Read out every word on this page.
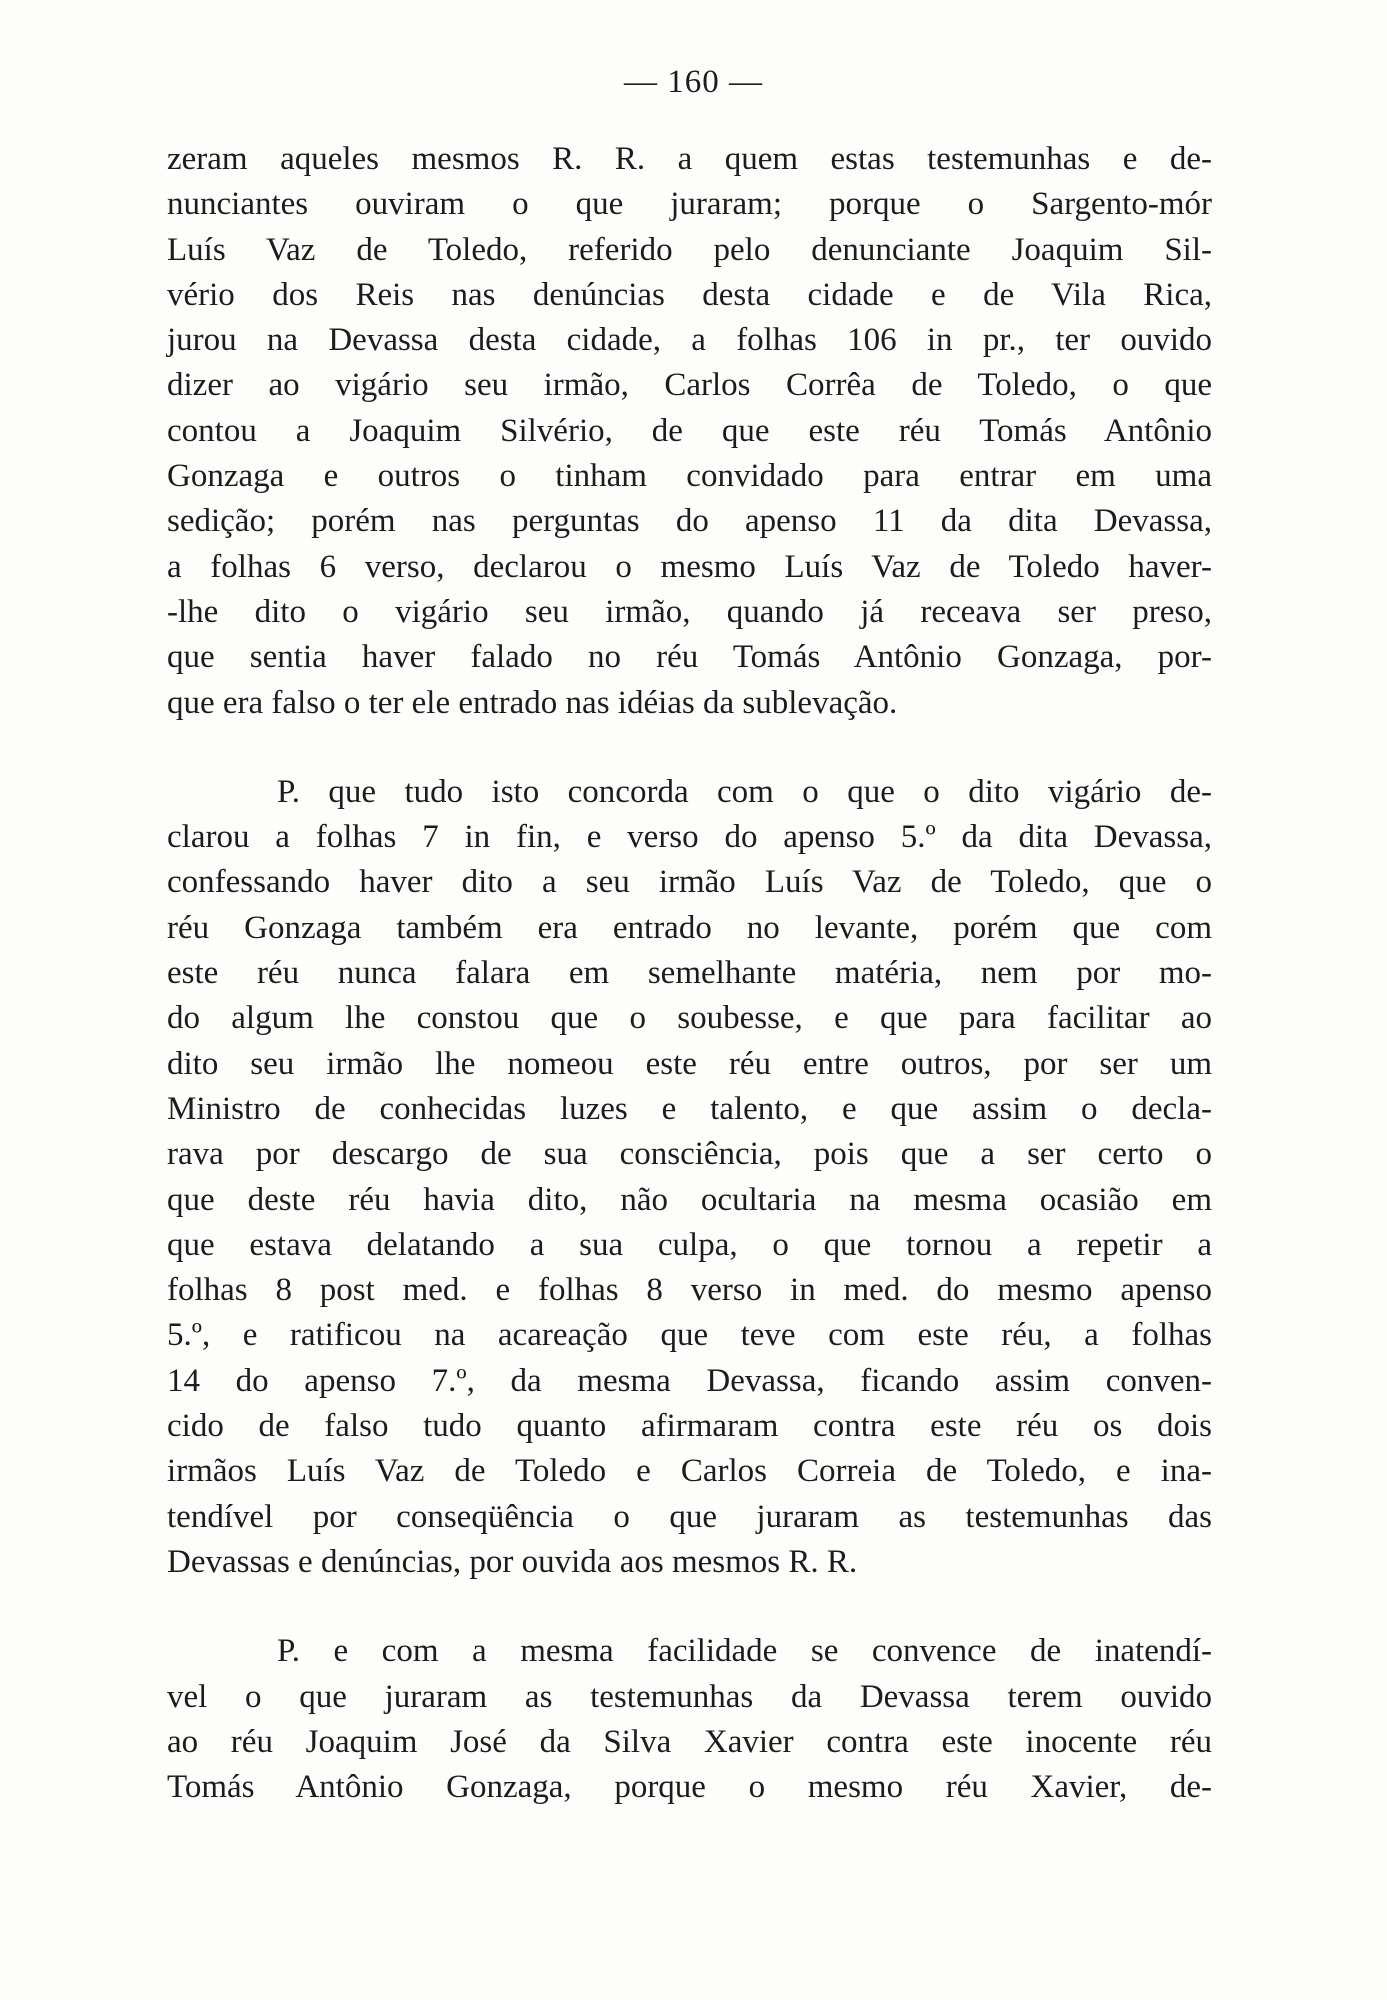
— 160 —
zeram aqueles mesmos R. R. a quem estas testemunhas e de-
nunciantes ouviram o que juraram; porque o Sargento-mór
Luís Vaz de Toledo, referido pelo denunciante Joaquim Sil-
vério dos Reis nas denúncias desta cidade e de Vila Rica,
jurou na Devassa desta cidade, a folhas 106 in pr., ter ouvido
dizer ao vigário seu irmão, Carlos Corrêa de Toledo, o que
contou a Joaquim Silvério, de que este réu Tomás Antônio
Gonzaga e outros o tinham convidado para entrar em uma
sedição; porém nas perguntas do apenso 11 da dita Devassa,
a folhas 6 verso, declarou o mesmo Luís Vaz de Toledo haver-
-lhe dito o vigário seu irmão, quando já receava ser preso,
que sentia haver falado no réu Tomás Antônio Gonzaga, por-
que era falso o ter ele entrado nas idéias da sublevação.
P. que tudo isto concorda com o que o dito vigário de-
clarou a folhas 7 in fin, e verso do apenso 5.º da dita Devassa,
confessando haver dito a seu irmão Luís Vaz de Toledo, que o
réu Gonzaga também era entrado no levante, porém que com
este réu nunca falara em semelhante matéria, nem por mo-
do algum lhe constou que o soubesse, e que para facilitar ao
dito seu irmão lhe nomeou este réu entre outros, por ser um
Ministro de conhecidas luzes e talento, e que assim o decla-
rava por descargo de sua consciência, pois que a ser certo o
que deste réu havia dito, não ocultaria na mesma ocasião em
que estava delatando a sua culpa, o que tornou a repetir a
folhas 8 post med. e folhas 8 verso in med. do mesmo apenso
5.º, e ratificou na acareação que teve com este réu, a folhas
14 do apenso 7.º, da mesma Devassa, ficando assim conven-
cido de falso tudo quanto afirmaram contra este réu os dois
irmãos Luís Vaz de Toledo e Carlos Correia de Toledo, e ina-
tendível por conseqüência o que juraram as testemunhas das
Devassas e denúncias, por ouvida aos mesmos R. R.
P. e com a mesma facilidade se convence de inatendí-
vel o que juraram as testemunhas da Devassa terem ouvido
ao réu Joaquim José da Silva Xavier contra este inocente réu
Tomás Antônio Gonzaga, porque o mesmo réu Xavier, de-
